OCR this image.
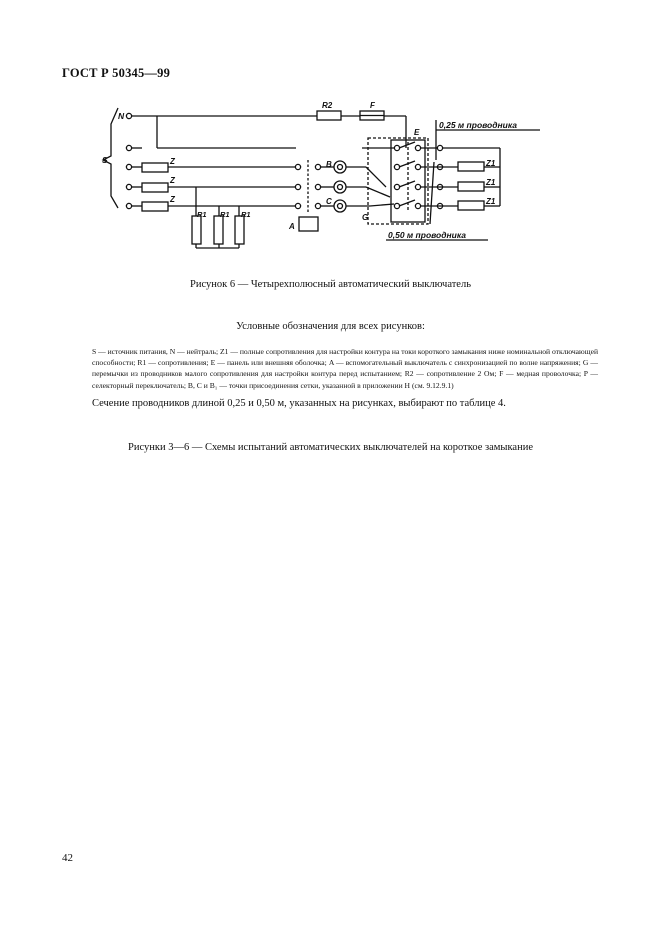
ГОСТ Р 50345—99
N
S
R2	F
Z
Z
Z
R1 R1 R1
A
B
C
E
G
Z1
Z1
Z1
0,25 м проводника
0,50 м проводника
Рисунок 6 — Четырехполюсный автоматический выключатель
Условные обозначения для всех рисунков:
S — источник питания, N — нейтраль; Z1 — полные сопротивления для настройки контура на токи короткого замыкания ниже номинальной отключающей способности; R1 — сопротивления; E — панель или внешняя оболочка; A — вспомогательный выключатель с синхронизацией по волне напряжения; G — перемычки из проводников малого сопротивления для настройки контура перед испытанием; R2 — сопротивление 2 Ом; F — медная проволочка; P — селекторный переключатель; B, C и B₁ — точки присоединения сетки, указанной в приложении Н (см. 9.12.9.1)
Сечение проводников длиной 0,25 и 0,50 м, указанных на рисунках, выбирают по таблице 4.
Рисунки 3—6 — Схемы испытаний автоматических выключателей на короткое замыкание
42
